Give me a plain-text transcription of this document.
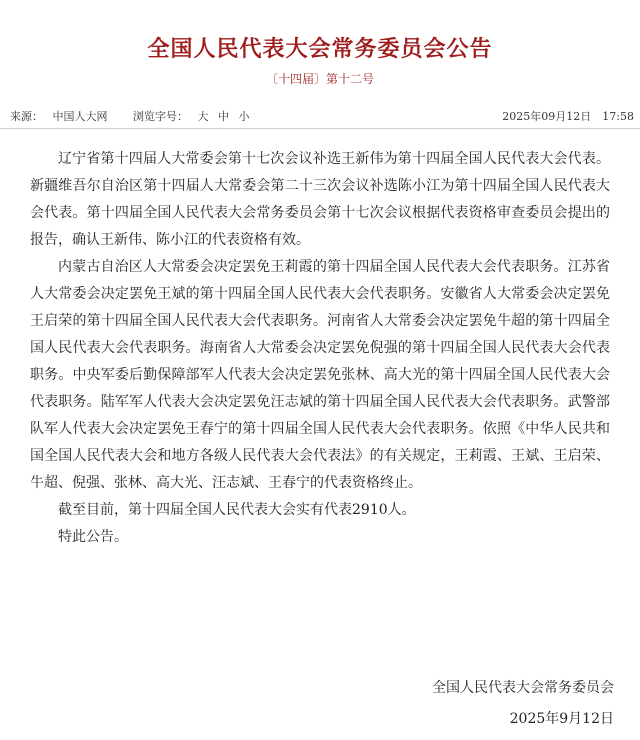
全国人民代表大会常务委员会公告
〔十四届〕第十二号
来源： 中国人大网 浏览字号： 大 中 小	2025年09月12日　17:58

辽宁省第十四届人大常委会第十七次会议补选王新伟为第十四届全国人民代表大会代表。新疆维吾尔自治区第十四届人大常委会第二十三次会议补选陈小江为第十四届全国人民代表大会代表。第十四届全国人民代表大会常务委员会第十七次会议根据代表资格审查委员会提出的报告，确认王新伟、陈小江的代表资格有效。

内蒙古自治区人大常委会决定罢免王莉霞的第十四届全国人民代表大会代表职务。江苏省人大常委会决定罢免王斌的第十四届全国人民代表大会代表职务。安徽省人大常委会决定罢免王启荣的第十四届全国人民代表大会代表职务。河南省人大常委会决定罢免牛超的第十四届全国人民代表大会代表职务。海南省人大常委会决定罢免倪强的第十四届全国人民代表大会代表职务。中央军委后勤保障部军人代表大会决定罢免张林、高大光的第十四届全国人民代表大会代表职务。陆军军人代表大会决定罢免汪志斌的第十四届全国人民代表大会代表职务。武警部队军人代表大会决定罢免王春宁的第十四届全国人民代表大会代表职务。依照《中华人民共和国全国人民代表大会和地方各级人民代表大会代表法》的有关规定，王莉霞、王斌、王启荣、牛超、倪强、张林、高大光、汪志斌、王春宁的代表资格终止。

截至目前，第十四届全国人民代表大会实有代表2910人。

特此公告。

全国人民代表大会常务委员会
2025年9月12日
